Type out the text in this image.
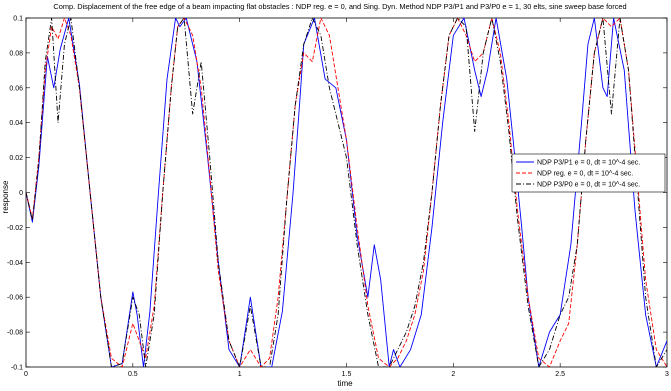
Comp. Displacement of the free edge of a beam impacting flat obstacles : NDP reg. e = 0, and Sing. Dyn. Method NDP P3/P1 and P3/P0 e = 1, 30 elts, sine sweep base forced
time
response
0	0.5	1	1.5	2	2.5	3
-0.1
-0.08
-0.06
-0.04
-0.02
0
0.02
0.04
0.06
0.08
0.1
NDP P3/P1 e = 0, dt = 10^-4 sec.
NDP reg. e = 0, dt = 10^-4 sec.
NDP P3/P0 e = 0, dt = 10^-4 sec.
